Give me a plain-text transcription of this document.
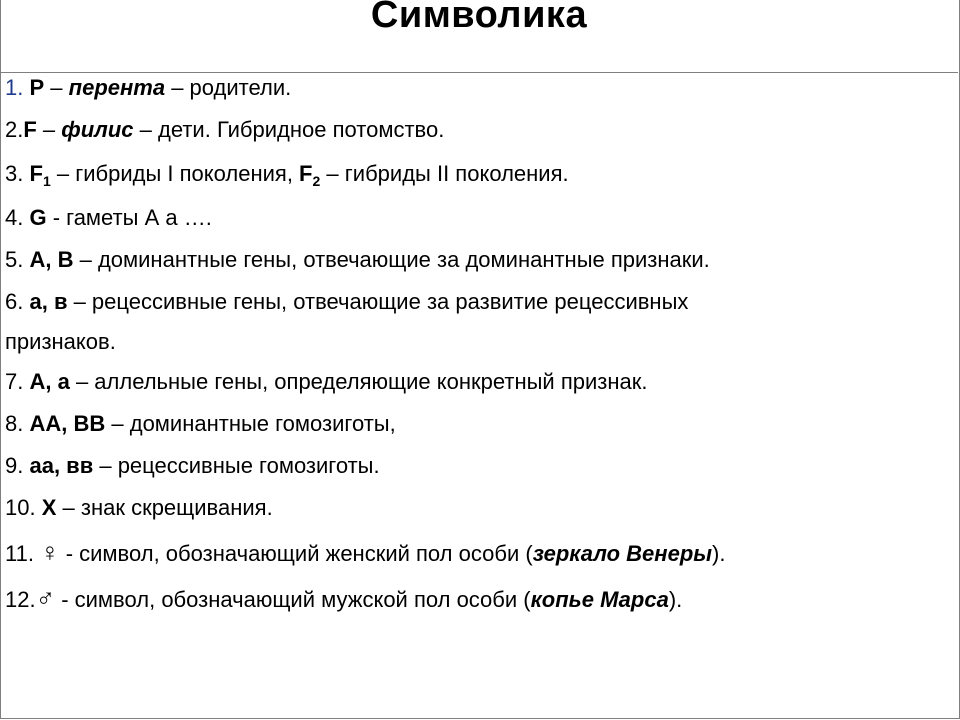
Символика
1. P – перента – родители.
2.F – филис – дети. Гибридное потомство.
3. $F_1$ – гибриды I поколения, $F_2$ – гибриды II поколения.
4. G - гаметы А а ….
5. А, В – доминантные гены, отвечающие за доминантные признаки.
6. а, в – рецессивные гены, отвечающие за развитие рецессивных
признаков.
7. А, а – аллельные гены, определяющие конкретный признак.
8. АА, ВВ – доминантные гомозиготы,
9. аа, вв – рецессивные гомозиготы.
10. Х – знак скрещивания.
11. ♀ - символ, обозначающий женский пол особи (зеркало Венеры).
12.♂ - символ, обозначающий мужской пол особи (копье Марса).
